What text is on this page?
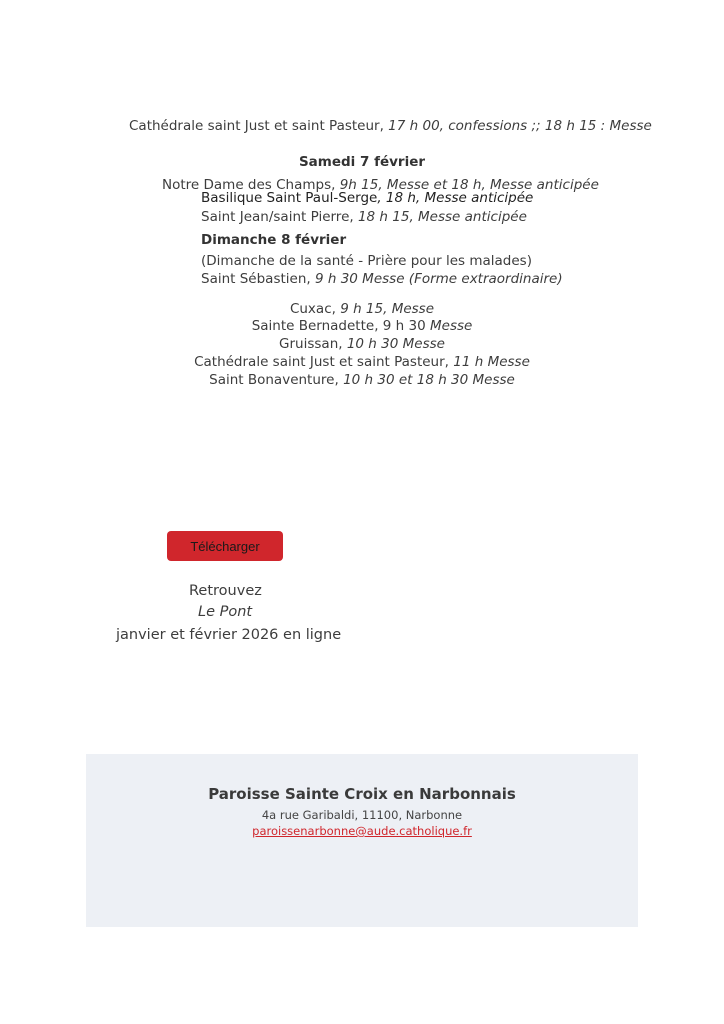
Cathédrale saint Just et saint Pasteur, 17 h 00, confessions ;; 18 h 15 : Messe
Samedi 7 février
Notre Dame des Champs, 9h 15, Messe et 18 h, Messe anticipée
Basilique Saint Paul-Serge, 18 h, Messe anticipée
Saint Jean/saint Pierre, 18 h 15, Messe anticipée
Dimanche 8 février
(Dimanche de la santé - Prière pour les malades)
Saint Sébastien, 9 h 30 Messe (Forme extraordinaire)
Cuxac, 9 h 15, Messe
Sainte Bernadette, 9 h 30 Messe
Gruissan, 10 h 30 Messe
Cathédrale saint Just et saint Pasteur, 11 h Messe
Saint Bonaventure, 10 h 30 et 18 h 30 Messe
Télécharger
Retrouvez
Le Pont
janvier et février 2026 en ligne
Paroisse Sainte Croix en Narbonnais
4a rue Garibaldi, 11100, Narbonne
paroissenarbonne@aude.catholique.fr
